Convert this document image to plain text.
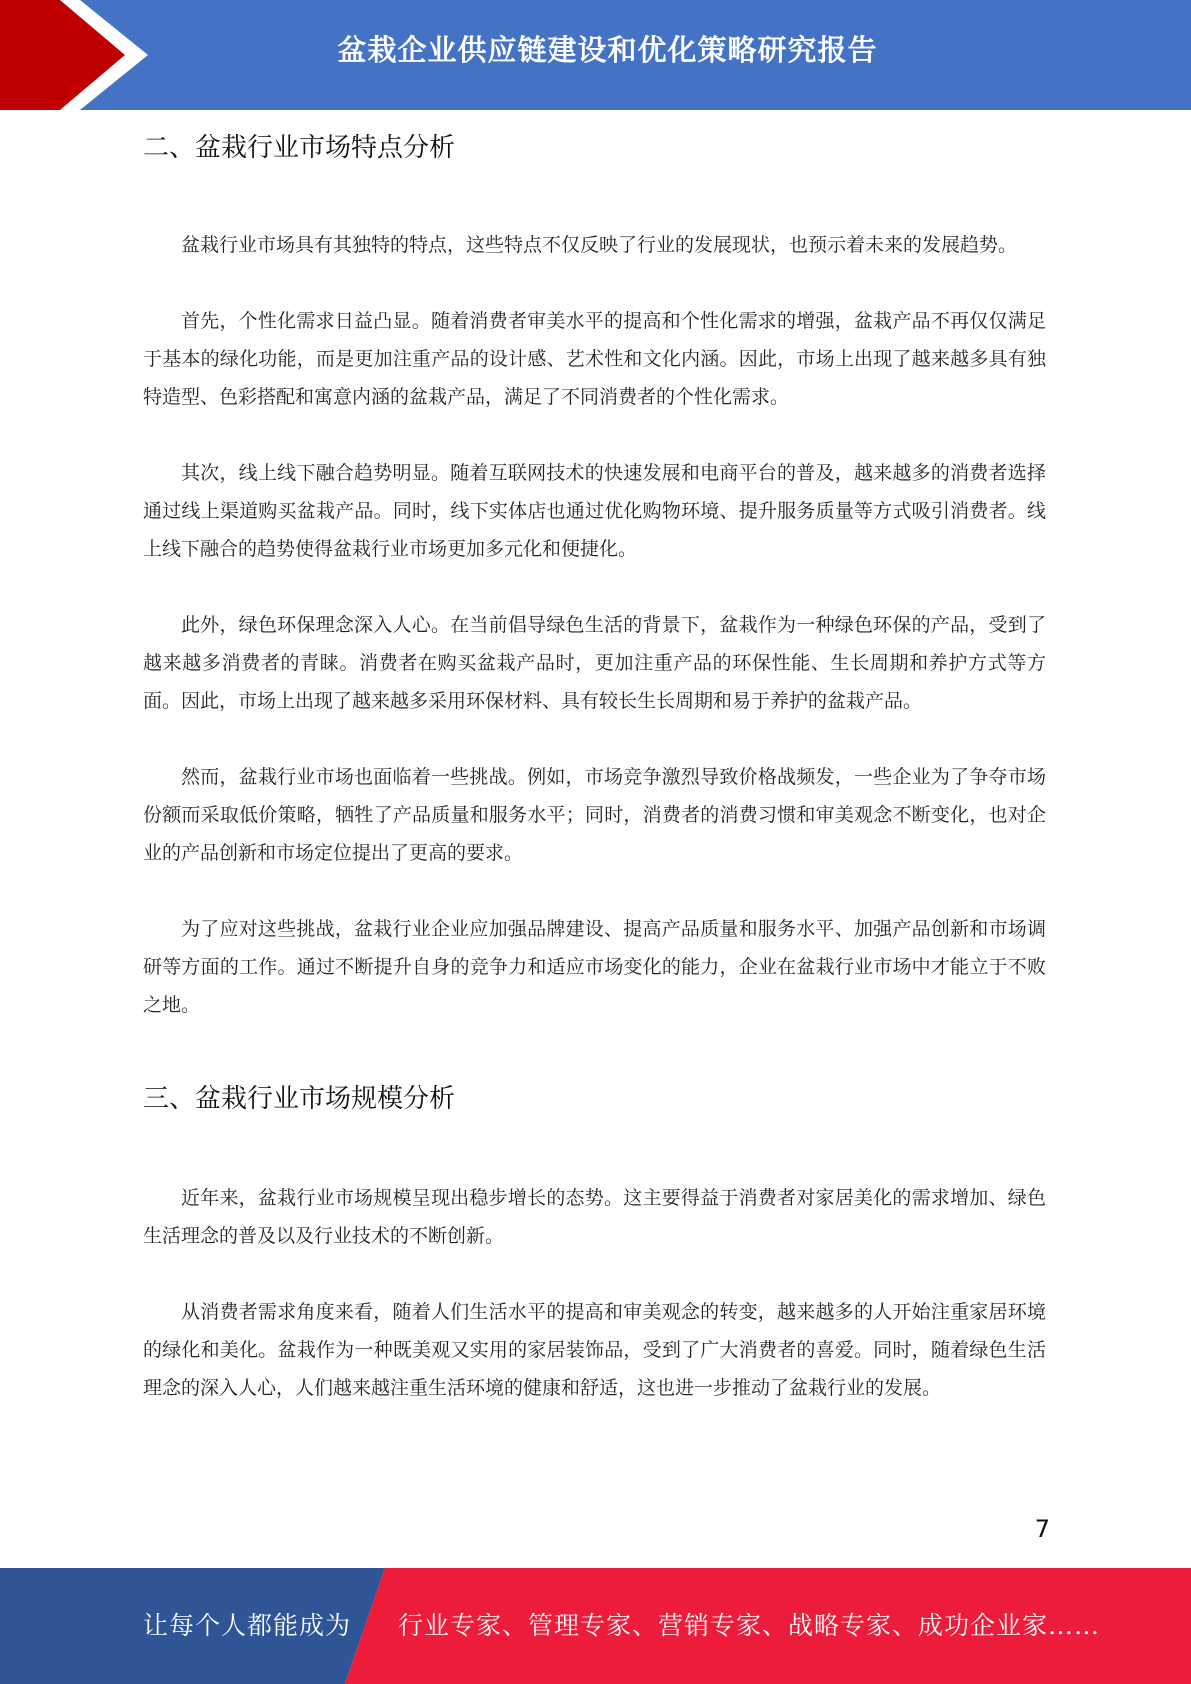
盆栽企业供应链建设和优化策略研究报告
二、盆栽行业市场特点分析

盆栽行业市场具有其独特的特点，这些特点不仅反映了行业的发展现状，也预示着未来的发展趋势。

首先，个性化需求日益凸显。随着消费者审美水平的提高和个性化需求的增强，盆栽产品不再仅仅满足于基本的绿化功能，而是更加注重产品的设计感、艺术性和文化内涵。因此，市场上出现了越来越多具有独特造型、色彩搭配和寓意内涵的盆栽产品，满足了不同消费者的个性化需求。

其次，线上线下融合趋势明显。随着互联网技术的快速发展和电商平台的普及，越来越多的消费者选择通过线上渠道购买盆栽产品。同时，线下实体店也通过优化购物环境、提升服务质量等方式吸引消费者。线上线下融合的趋势使得盆栽行业市场更加多元化和便捷化。

此外，绿色环保理念深入人心。在当前倡导绿色生活的背景下，盆栽作为一种绿色环保的产品，受到了越来越多消费者的青睐。消费者在购买盆栽产品时，更加注重产品的环保性能、生长周期和养护方式等方面。因此，市场上出现了越来越多采用环保材料、具有较长生长周期和易于养护的盆栽产品。

然而，盆栽行业市场也面临着一些挑战。例如，市场竞争激烈导致价格战频发，一些企业为了争夺市场份额而采取低价策略，牺牲了产品质量和服务水平；同时，消费者的消费习惯和审美观念不断变化，也对企业的产品创新和市场定位提出了更高的要求。

为了应对这些挑战，盆栽行业企业应加强品牌建设、提高产品质量和服务水平、加强产品创新和市场调研等方面的工作。通过不断提升自身的竞争力和适应市场变化的能力，企业在盆栽行业市场中才能立于不败之地。

三、盆栽行业市场规模分析

近年来，盆栽行业市场规模呈现出稳步增长的态势。这主要得益于消费者对家居美化的需求增加、绿色生活理念的普及以及行业技术的不断创新。

从消费者需求角度来看，随着人们生活水平的提高和审美观念的转变，越来越多的人开始注重家居环境的绿化和美化。盆栽作为一种既美观又实用的家居装饰品，受到了广大消费者的喜爱。同时，随着绿色生活理念的深入人心，人们越来越注重生活环境的健康和舒适，这也进一步推动了盆栽行业的发展。

7
让每个人都能成为 行业专家、管理专家、营销专家、战略专家、成功企业家……
